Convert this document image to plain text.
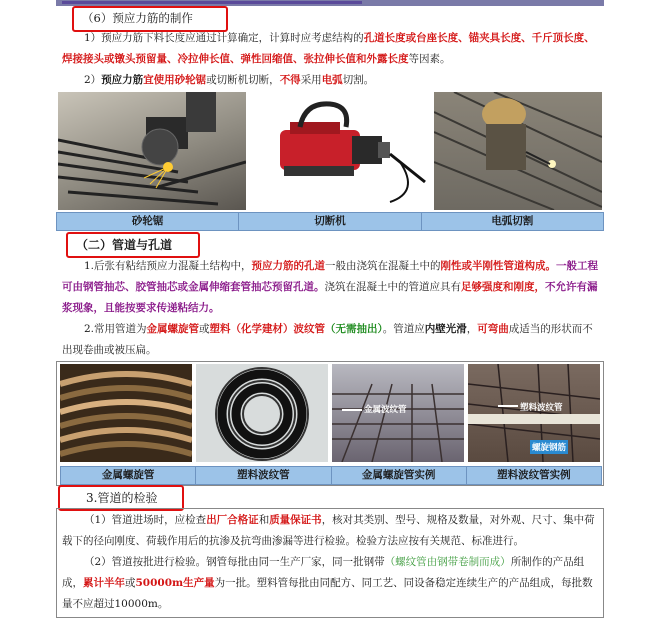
（6）预应力筋的制作
1）预应力筋下料长度应通过计算确定，计算时应考虑结构的孔道长度或台座长度、锚夹具长度、千斤顶长度、焊接接头或镦头预留量、冷拉伸长值、弹性回缩值、张拉伸长值和外露长度等因素。
2）预应力筋宜使用砂轮锯或切断机切断，不得采用电弧切割。
砂轮锯	切断机	电弧切割
（二）管道与孔道
1.后张有粘结预应力混凝土结构中，预应力筋的孔道一般由浇筑在混凝土中的刚性或半刚性管道构成。一般工程可由钢管抽芯、胶管抽芯或金属伸缩套管抽芯预留孔道。浇筑在混凝土中的管道应具有足够强度和刚度，不允许有漏浆现象，且能按要求传递粘结力。
2.常用管道为金属螺旋管或塑料（化学建材）波纹管（无需抽出）。管道应内壁光滑，可弯曲成适当的形状而不出现卷曲或被压扁。
金属波纹管	塑料波纹管
螺旋钢筋
金属螺旋管	塑料波纹管	金属螺旋管实例	塑料波纹管实例
3.管道的检验
（1）管道进场时，应检查出厂合格证和质量保证书，核对其类别、型号、规格及数量，对外观、尺寸、集中荷载下的径向刚度、荷载作用后的抗渗及抗弯曲渗漏等进行检验。检验方法应按有关规范、标准进行。
（2）管道按批进行检验。钢管每批由同一生产厂家，同一批钢带（螺纹管由钢带卷制而成）所制作的产品组成，累计半年或50000m生产量为一批。塑料管每批由同配方、同工艺、同设备稳定连续生产的产品组成，每批数量不应超过10000m。
